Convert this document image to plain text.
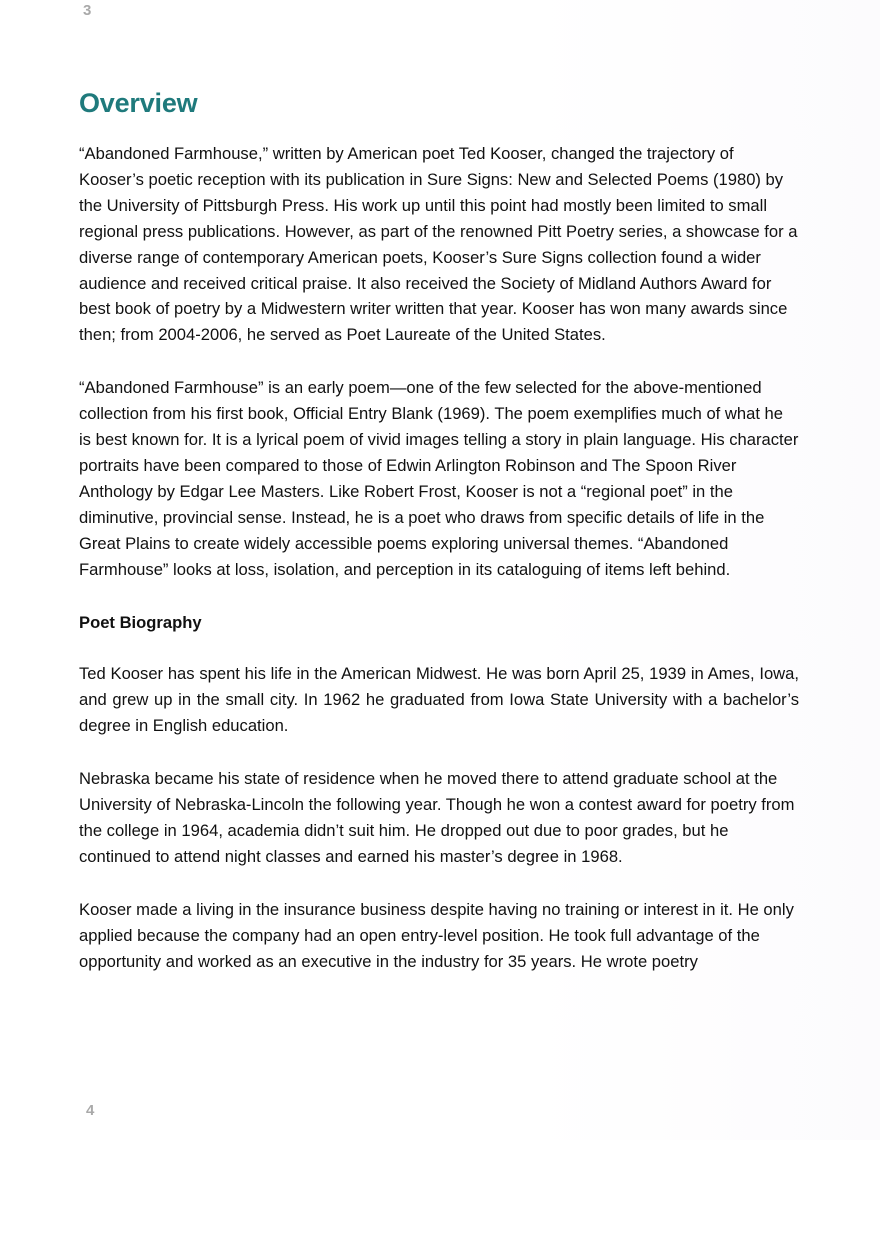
3
Overview

“Abandoned Farmhouse,” written by American poet Ted Kooser, changed the trajectory of Kooser’s poetic reception with its publication in Sure Signs: New and Selected Poems (1980) by the University of Pittsburgh Press. His work up until this point had mostly been limited to small regional press publications. However, as part of the renowned Pitt Poetry series, a showcase for a diverse range of contemporary American poets, Kooser’s Sure Signs collection found a wider audience and received critical praise. It also received the Society of Midland Authors Award for best book of poetry by a Midwestern writer written that year. Kooser has won many awards since then; from 2004-2006, he served as Poet Laureate of the United States.

“Abandoned Farmhouse” is an early poem—one of the few selected for the above-mentioned collection from his first book, Official Entry Blank (1969). The poem exemplifies much of what he is best known for. It is a lyrical poem of vivid images telling a story in plain language. His character portraits have been compared to those of Edwin Arlington Robinson and The Spoon River Anthology by Edgar Lee Masters. Like Robert Frost, Kooser is not a “regional poet” in the diminutive, provincial sense. Instead, he is a poet who draws from specific details of life in the Great Plains to create widely accessible poems exploring universal themes. “Abandoned Farmhouse” looks at loss, isolation, and perception in its cataloguing of items left behind.

Poet Biography

Ted Kooser has spent his life in the American Midwest. He was born April 25, 1939 in Ames, Iowa, and grew up in the small city. In 1962 he graduated from Iowa State University with a bachelor’s degree in English education.

Nebraska became his state of residence when he moved there to attend graduate school at the University of Nebraska-Lincoln the following year. Though he won a contest award for poetry from the college in 1964, academia didn’t suit him. He dropped out due to poor grades, but he continued to attend night classes and earned his master’s degree in 1968.

Kooser made a living in the insurance business despite having no training or interest in it. He only applied because the company had an open entry-level position. He took full advantage of the opportunity and worked as an executive in the industry for 35 years. He wrote poetry

4
